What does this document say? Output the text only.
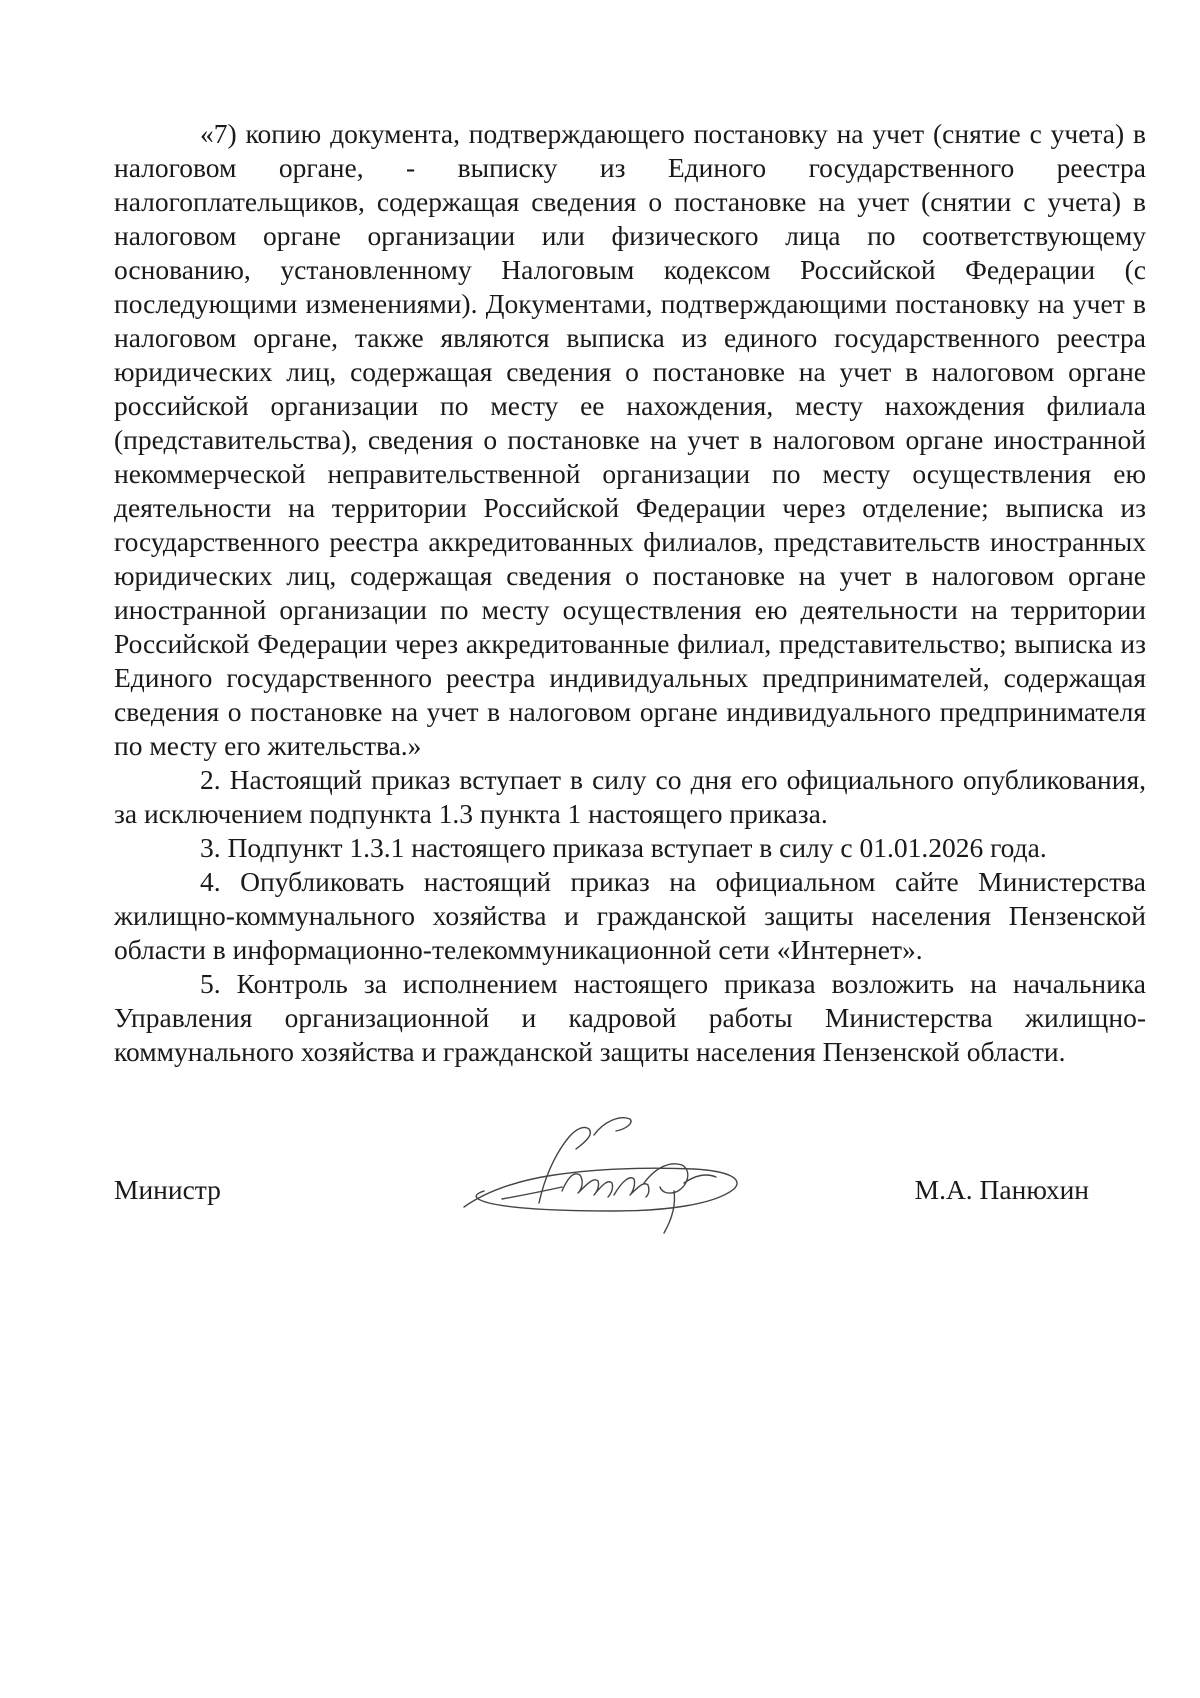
«7) копию документа, подтверждающего постановку на учет (снятие с учета) в налоговом органе, - выписку из Единого государственного реестра налогоплательщиков, содержащая сведения о постановке на учет (снятии с учета) в налоговом органе организации или физического лица по соответствующему основанию, установленному Налоговым кодексом Российской Федерации (с последующими изменениями). Документами, подтверждающими постановку на учет в налоговом органе, также являются выписка из единого государственного реестра юридических лиц, содержащая сведения о постановке на учет в налоговом органе российской организации по месту ее нахождения, месту нахождения филиала (представительства), сведения о постановке на учет в налоговом органе иностранной некоммерческой неправительственной организации по месту осуществления ею деятельности на территории Российской Федерации через отделение; выписка из государственного реестра аккредитованных филиалов, представительств иностранных юридических лиц, содержащая сведения о постановке на учет в налоговом органе иностранной организации по месту осуществления ею деятельности на территории Российской Федерации через аккредитованные филиал, представительство; выписка из Единого государственного реестра индивидуальных предпринимателей, содержащая сведения о постановке на учет в налоговом органе индивидуального предпринимателя по месту его жительства.»

2. Настоящий приказ вступает в силу со дня его официального опубликования, за исключением подпункта 1.3 пункта 1 настоящего приказа.

3. Подпункт 1.3.1 настоящего приказа вступает в силу с 01.01.2026 года.

4. Опубликовать настоящий приказ на официальном сайте Министерства жилищно-коммунального хозяйства и гражданской защиты населения Пензенской области в информационно-телекоммуникационной сети «Интернет».

5. Контроль за исполнением настоящего приказа возложить на начальника Управления организационной и кадровой работы Министерства жилищно-коммунального хозяйства и гражданской защиты населения Пензенской области.

Министр	М.А. Панюхин
